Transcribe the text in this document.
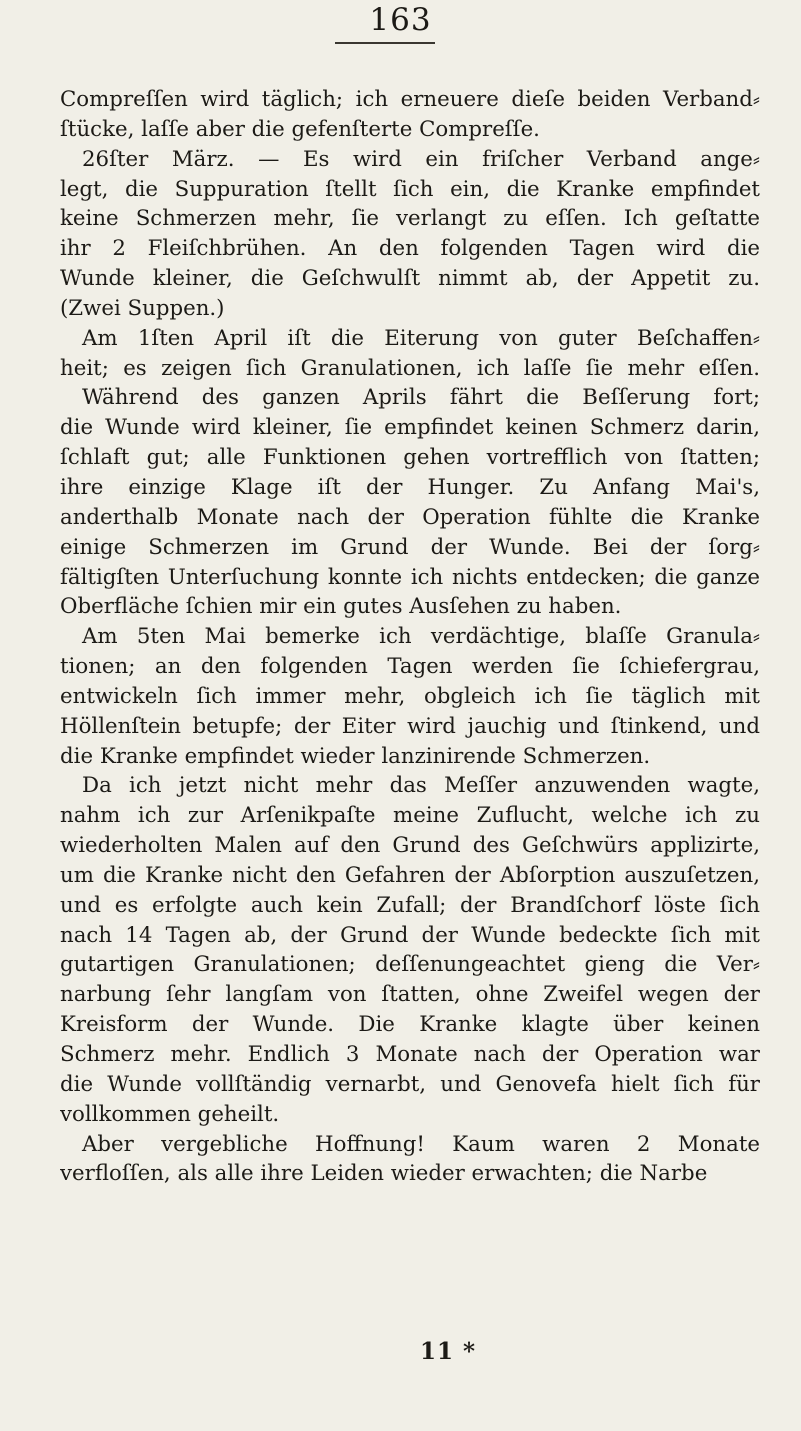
163
Compreſſen wird täglich; ich erneuere dieſe beiden Verband⸗
ſtücke, laſſe aber die gefenſterte Compreſſe.
26ſter März. — Es wird ein friſcher Verband ange⸗
legt, die Suppuration ſtellt ſich ein, die Kranke empfindet
keine Schmerzen mehr, ſie verlangt zu eſſen. Ich geſtatte
ihr 2 Fleiſchbrühen. An den folgenden Tagen wird die
Wunde kleiner, die Geſchwulſt nimmt ab, der Appetit zu.
(Zwei Suppen.)
Am 1ſten April iſt die Eiterung von guter Beſchaffen⸗
heit; es zeigen ſich Granulationen, ich laſſe ſie mehr eſſen.
Während des ganzen Aprils fährt die Beſſerung fort;
die Wunde wird kleiner, ſie empfindet keinen Schmerz darin,
ſchlaft gut; alle Funktionen gehen vortrefflich von ſtatten;
ihre einzige Klage iſt der Hunger. Zu Anfang Mai's,
anderthalb Monate nach der Operation fühlte die Kranke
einige Schmerzen im Grund der Wunde. Bei der ſorg⸗
fältigſten Unterſuchung konnte ich nichts entdecken; die ganze
Oberfläche ſchien mir ein gutes Ausſehen zu haben.
Am 5ten Mai bemerke ich verdächtige, blaſſe Granula⸗
tionen; an den folgenden Tagen werden ſie ſchiefergrau,
entwickeln ſich immer mehr, obgleich ich ſie täglich mit
Höllenſtein betupfe; der Eiter wird jauchig und ſtinkend, und
die Kranke empfindet wieder lanzinirende Schmerzen.
Da ich jetzt nicht mehr das Meſſer anzuwenden wagte,
nahm ich zur Arſenikpaſte meine Zuflucht, welche ich zu
wiederholten Malen auf den Grund des Geſchwürs applizirte,
um die Kranke nicht den Gefahren der Abſorption auszuſetzen,
und es erfolgte auch kein Zufall; der Brandſchorf löste ſich
nach 14 Tagen ab, der Grund der Wunde bedeckte ſich mit
gutartigen Granulationen; deſſenungeachtet gieng die Ver⸗
narbung ſehr langſam von ſtatten, ohne Zweifel wegen der
Kreisform der Wunde. Die Kranke klagte über keinen
Schmerz mehr. Endlich 3 Monate nach der Operation war
die Wunde vollſtändig vernarbt, und Genovefa hielt ſich für
vollkommen geheilt.
Aber vergebliche Hoffnung! Kaum waren 2 Monate
verfloſſen, als alle ihre Leiden wieder erwachten; die Narbe
11 *
